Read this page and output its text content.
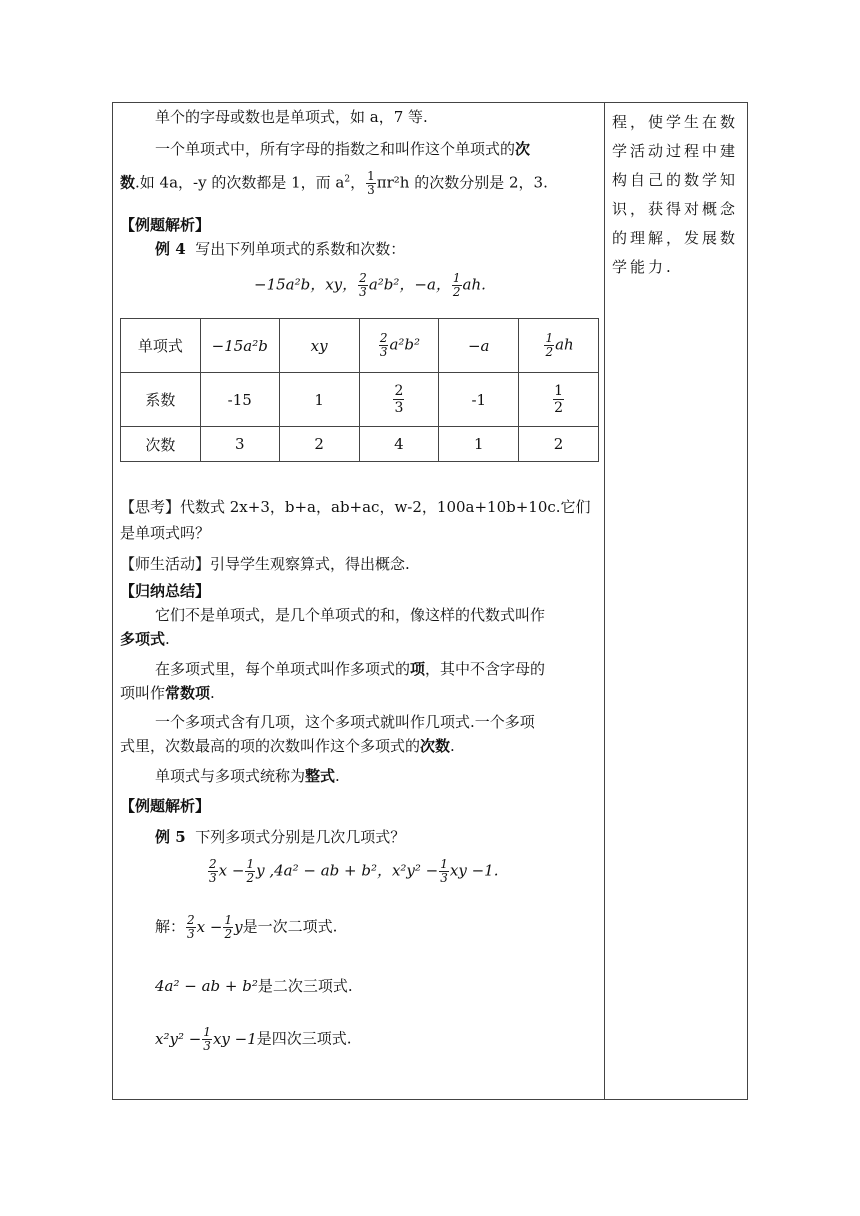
程，使学生在数学活动过程中建构自己的数学知识，获得对概念的理解，发展数学能力.
单个的字母或数也是单项式，如 a，7 等.
一个单项式中，所有字母的指数之和叫作这个单项式的次
数.如 4a，-y 的次数都是 1，而 $a^2$， $\frac{1}{3} \pi r^2h$ 的次数分别是 2，3.
【例题解析】
例 4 写出下列单项式的系数和次数：
−15a²b，xy， $\frac{2}{3} a^2b^2$，−a， $\frac{1}{2}$ ah.
单项式	−15a²b	xy	$\frac{2}{3} a^2b^2$	−a	$\frac{1}{2}$ ah
系数	-15	1	$\frac{2}{3}$	-1	$\frac{1}{2}$

次数	3	2	4	1	2
【思考】代数式 2x+3，b+a，ab+ac，w-2，100a+10b+10c.它们
是单项式吗？
【师生活动】引导学生观察算式，得出概念.
【归纳总结】
它们不是单项式，是几个单项式的和，像这样的代数式叫作
多项式.
在多项式里，每个单项式叫作多项式的项，其中不含字母的
项叫作常数项.
一个多项式含有几项，这个多项式就叫作几项式.一个多项
式里，次数最高的项的次数叫作这个多项式的次数.
单项式与多项式统称为整式.
【例题解析】
例 5 下列多项式分别是几次几项式？
$\frac{2}{3}$ $x - \frac{1}{2}$ y ,4a² − ab + b²，$x^2y^2 - \frac{1}{3}$ xy −1.
解： $\frac{2}{3}$ $x - \frac{1}{2}$ y是一次二项式.
4a² − ab + b²是二次三项式.
$x^2y^2 - \frac{1}{3}$ xy −1是四次三项式.
